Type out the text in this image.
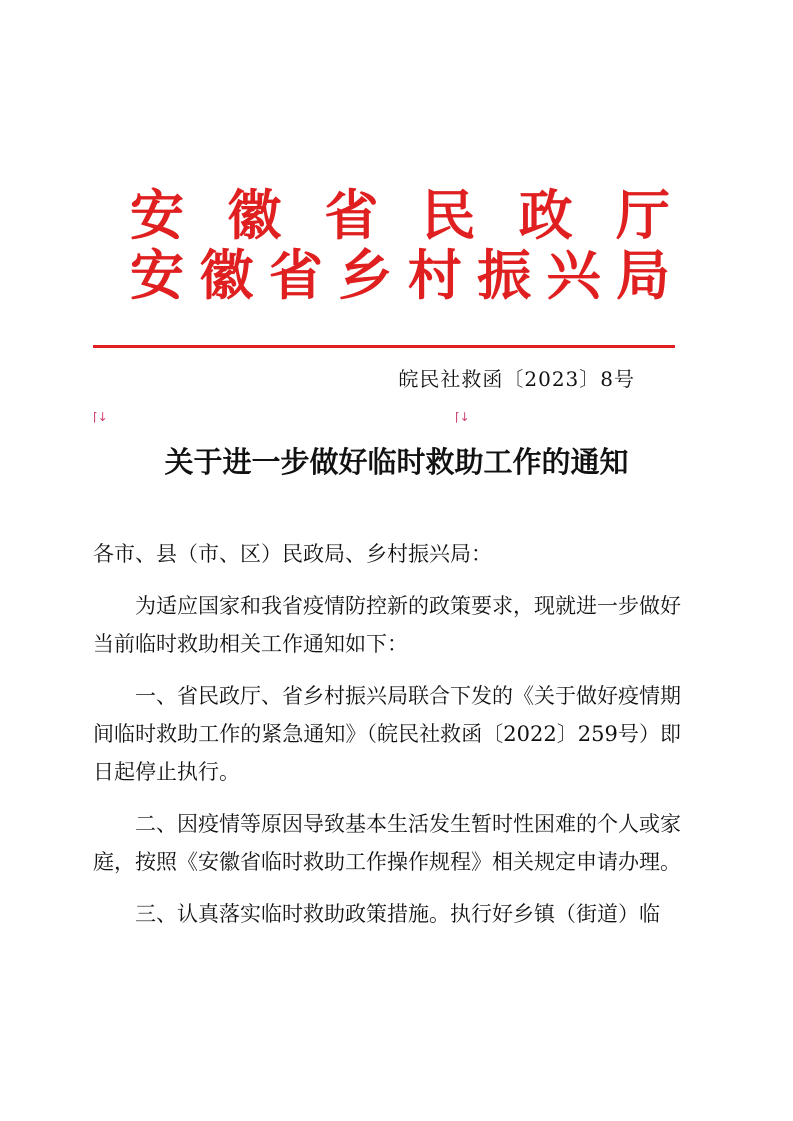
安徽省民政厅
安徽省乡村振兴局
皖民社救函〔2023〕8号
⌈↓	⌈↓
关于进一步做好临时救助工作的通知

各市、县（市、区）民政局、乡村振兴局：

为适应国家和我省疫情防控新的政策要求，现就进一步做好当前临时救助相关工作通知如下：

一、省民政厅、省乡村振兴局联合下发的《关于做好疫情期间临时救助工作的紧急通知》（皖民社救函〔2022〕259号）即日起停止执行。

二、因疫情等原因导致基本生活发生暂时性困难的个人或家庭，按照《安徽省临时救助工作操作规程》相关规定申请办理。

三、认真落实临时救助政策措施。执行好乡镇（街道）临
